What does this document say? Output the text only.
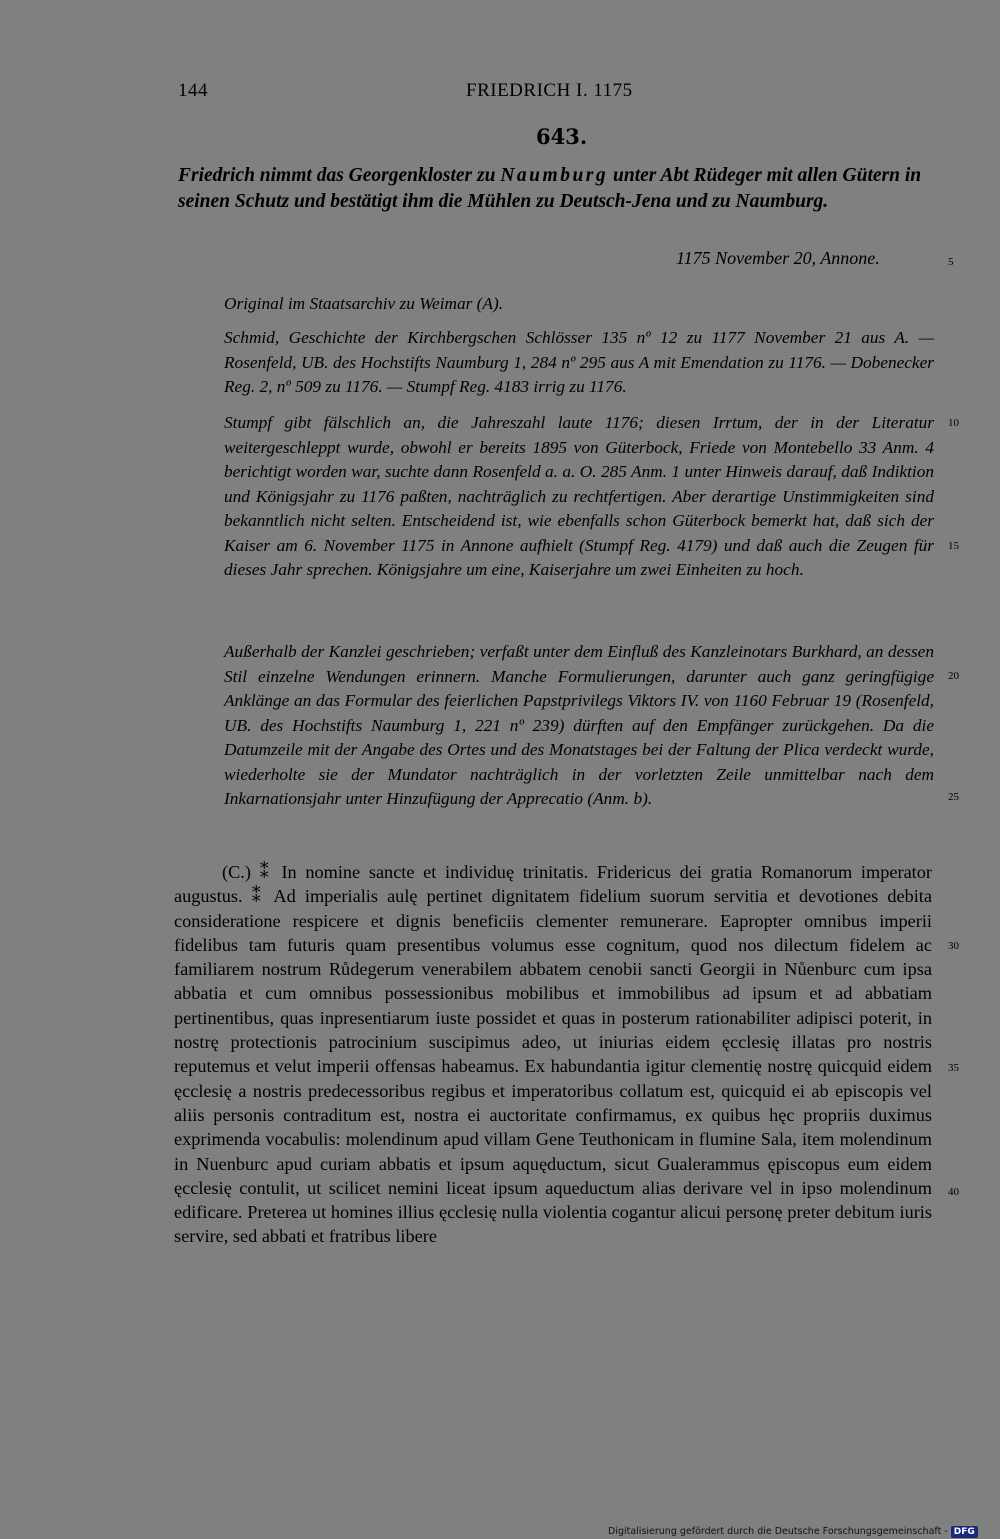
144	FRIEDRICH I. 1175
643.
Friedrich nimmt das Georgenkloster zu Naumburg unter Abt Rüdeger mit allen Gütern in seinen Schutz und bestätigt ihm die Mühlen zu Deutsch-Jena und zu Naumburg.
1175 November 20, Annone.

Original im Staatsarchiv zu Weimar (A).

Schmid, Geschichte der Kirchbergschen Schlösser 135 nº 12 zu 1177 November 21 aus A. — Rosenfeld, UB. des Hochstifts Naumburg 1, 284 nº 295 aus A mit Emendation zu 1176. — Dobenecker Reg. 2, nº 509 zu 1176. — Stumpf Reg. 4183 irrig zu 1176.

Stumpf gibt fälschlich an, die Jahreszahl laute 1176; diesen Irrtum, der in der Literatur weitergeschleppt wurde, obwohl er bereits 1895 von Güterbock, Friede von Montebello 33 Anm. 4 berichtigt worden war, suchte dann Rosenfeld a. a. O. 285 Anm. 1 unter Hinweis darauf, daß Indiktion und Königsjahr zu 1176 paßten, nachträglich zu rechtfertigen. Aber derartige Unstimmigkeiten sind bekanntlich nicht selten. Entscheidend ist, wie ebenfalls schon Güterbock bemerkt hat, daß sich der Kaiser am 6. November 1175 in Annone aufhielt (Stumpf Reg. 4179) und daß auch die Zeugen für dieses Jahr sprechen. Königsjahre um eine, Kaiserjahre um zwei Einheiten zu hoch.

Außerhalb der Kanzlei geschrieben; verfaßt unter dem Einfluß des Kanzleinotars Burkhard, an dessen Stil einzelne Wendungen erinnern. Manche Formulierungen, darunter auch ganz geringfügige Anklänge an das Formular des feierlichen Papstprivilegs Viktors IV. von 1160 Februar 19 (Rosenfeld, UB. des Hochstifts Naumburg 1, 221 nº 239) dürften auf den Empfänger zurückgehen. Da die Datumzeile mit der Angabe des Ortes und des Monatstages bei der Faltung der Plica verdeckt wurde, wiederholte sie der Mundator nachträglich in der vorletzten Zeile unmittelbar nach dem Inkarnationsjahr unter Hinzufügung der Apprecatio (Anm. b).

(C.) ⁑ In nomine sancte et individuę trinitatis. Fridericus dei gratia Romanorum imperator augustus. ⁑ Ad imperialis aulę pertinet dignitatem fidelium suorum servitia et devotiones debita consideratione respicere et dignis beneficiis clementer remunerare. Eapropter omnibus imperii fidelibus tam futuris quam presentibus volumus esse cognitum, quod nos dilectum fidelem ac familiarem nostrum Růdegerum venerabilem abbatem cenobii sancti Georgii in Nůenburc cum ipsa abbatia et cum omnibus possessionibus mobilibus et immobilibus ad ipsum et ad abbatiam pertinentibus, quas inpresentiarum iuste possidet et quas in posterum rationabiliter adipisci poterit, in nostrę protectionis patrocinium suscipimus adeo, ut iniurias eidem ęcclesię illatas pro nostris reputemus et velut imperii offensas habeamus. Ex habundantia igitur clementię nostrę quicquid eidem ęcclesię a nostris predecessoribus regibus et imperatoribus collatum est, quicquid ei ab episcopis vel aliis personis contraditum est, nostra ei auctoritate confirmamus, ex quibus hęc propriis duximus exprimenda vocabulis: molendinum apud villam Gene Teuthonicam in flumine Sala, item molendinum in Nuenburc apud curiam abbatis et ipsum aquęductum, sicut Gualerammus ępiscopus eum eidem ęcclesię contulit, ut scilicet nemini liceat ipsum aqueductum alias derivare vel in ipso molendinum edificare. Preterea ut homines illius ęcclesię nulla violentia cogantur alicui personę preter debitum iuris servire, sed abbati et fratribus libere

5
10
15
20
25
30
35
40
Digitalisierung gefördert durch die Deutsche Forschungsgemeinschaft - DFG
